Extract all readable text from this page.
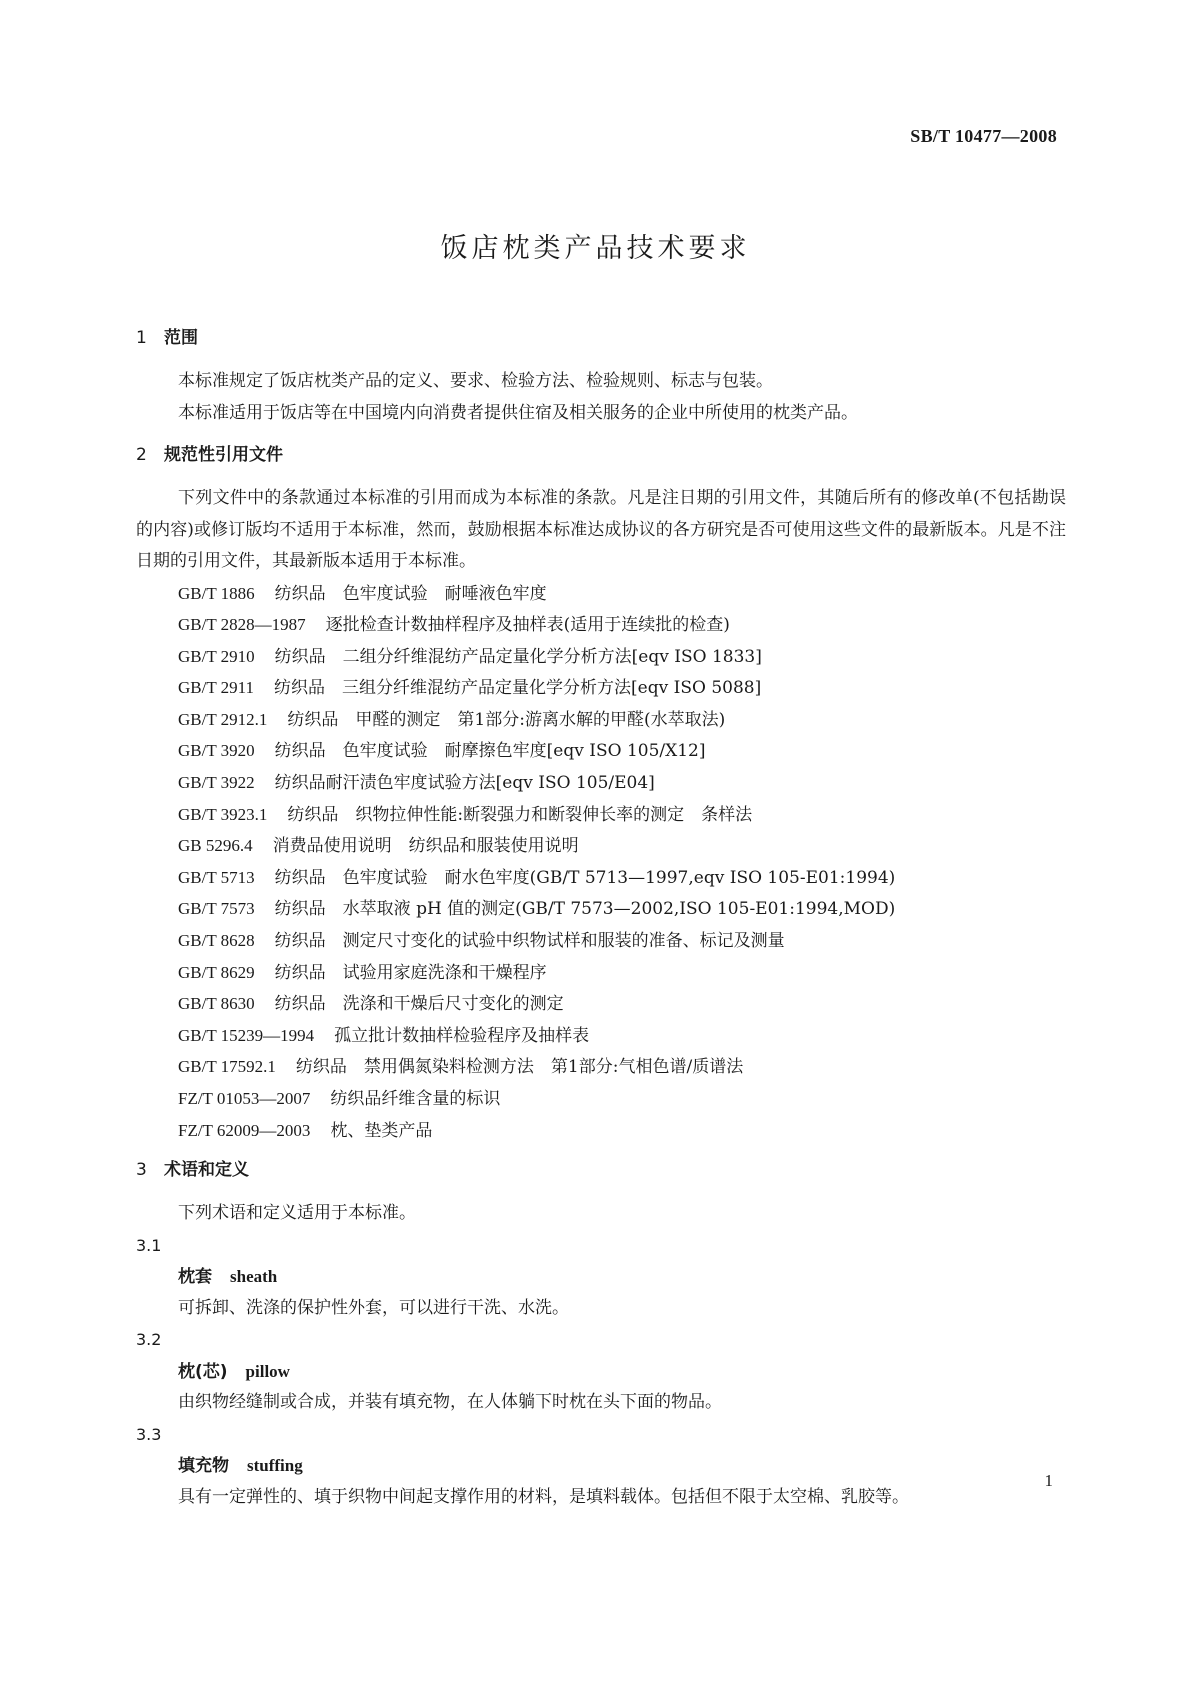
SB/T 10477—2008
饭店枕类产品技术要求
1 范围
本标准规定了饭店枕类产品的定义、要求、检验方法、检验规则、标志与包装。
本标准适用于饭店等在中国境内向消费者提供住宿及相关服务的企业中所使用的枕类产品。
2 规范性引用文件
下列文件中的条款通过本标准的引用而成为本标准的条款。凡是注日期的引用文件，其随后所有的修改单(不包括勘误的内容)或修订版均不适用于本标准，然而，鼓励根据本标准达成协议的各方研究是否可使用这些文件的最新版本。凡是不注日期的引用文件，其最新版本适用于本标准。
GB/T 1886 纺织品　色牢度试验　耐唾液色牢度
GB/T 2828—1987 逐批检查计数抽样程序及抽样表(适用于连续批的检查)
GB/T 2910 纺织品　二组分纤维混纺产品定量化学分析方法[eqv ISO 1833]
GB/T 2911 纺织品　三组分纤维混纺产品定量化学分析方法[eqv ISO 5088]
GB/T 2912.1 纺织品　甲醛的测定　第1部分:游离水解的甲醛(水萃取法)
GB/T 3920 纺织品　色牢度试验　耐摩擦色牢度[eqv ISO 105/X12]
GB/T 3922 纺织品耐汗渍色牢度试验方法[eqv ISO 105/E04]
GB/T 3923.1 纺织品　织物拉伸性能:断裂强力和断裂伸长率的测定　条样法
GB 5296.4 消费品使用说明　纺织品和服装使用说明
GB/T 5713 纺织品　色牢度试验　耐水色牢度(GB/T 5713—1997,eqv ISO 105-E01:1994)
GB/T 7573 纺织品　水萃取液 pH 值的测定(GB/T 7573—2002,ISO 105-E01:1994,MOD)
GB/T 8628 纺织品　测定尺寸变化的试验中织物试样和服装的准备、标记及测量
GB/T 8629 纺织品　试验用家庭洗涤和干燥程序
GB/T 8630 纺织品　洗涤和干燥后尺寸变化的测定
GB/T 15239—1994 孤立批计数抽样检验程序及抽样表
GB/T 17592.1 纺织品　禁用偶氮染料检测方法　第1部分:气相色谱/质谱法
FZ/T 01053—2007 纺织品纤维含量的标识
FZ/T 62009—2003 枕、垫类产品
3 术语和定义
下列术语和定义适用于本标准。
3.1
枕套 sheath
可拆卸、洗涤的保护性外套，可以进行干洗、水洗。
3.2
枕(芯) pillow
由织物经缝制或合成，并装有填充物，在人体躺下时枕在头下面的物品。
3.3
填充物 stuffing
具有一定弹性的、填于织物中间起支撑作用的材料，是填料载体。包括但不限于太空棉、乳胶等。
1
